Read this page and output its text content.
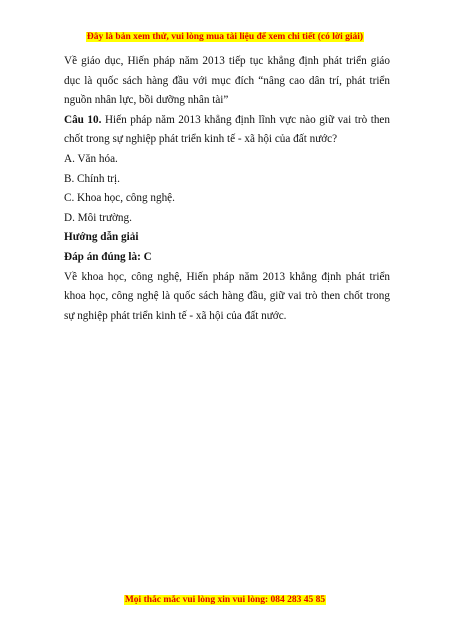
Đây là bản xem thử, vui lòng mua tài liệu để xem chi tiết (có lời giải)

Về giáo dục, Hiến pháp năm 2013 tiếp tục khẳng định phát triển giáo dục là quốc sách hàng đầu với mục đích “nâng cao dân trí, phát triển nguồn nhân lực, bồi dưỡng nhân tài”

Câu 10. Hiến pháp năm 2013 khẳng định lĩnh vực nào giữ vai trò then chốt trong sự nghiệp phát triển kinh tế - xã hội của đất nước?

A. Văn hóa.

B. Chính trị.

C. Khoa học, công nghệ.

D. Môi trường.

Hướng dẫn giải

Đáp án đúng là: C

Về khoa học, công nghệ, Hiến pháp năm 2013 khẳng định phát triển khoa học, công nghệ là quốc sách hàng đầu, giữ vai trò then chốt trong sự nghiệp phát triển kinh tế - xã hội của đất nước.

Mọi thắc mắc vui lòng xin vui lòng: 084 283 45 85
